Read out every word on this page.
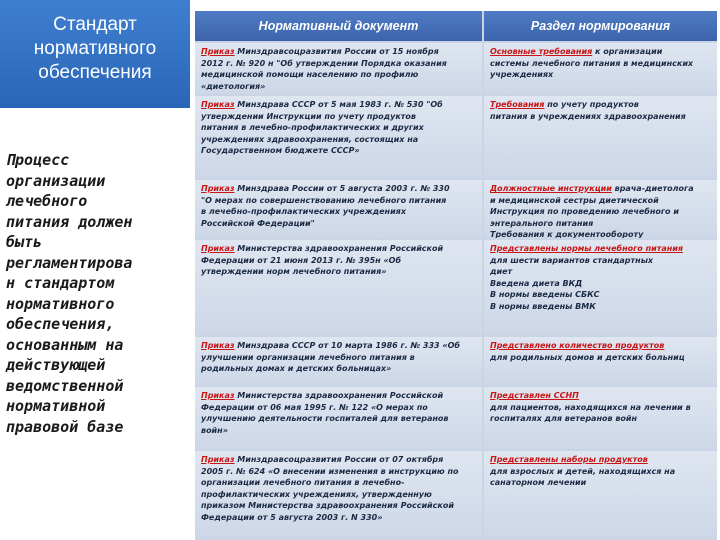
Стандарт
нормативного
обеспечения
Процесс
организации
лечебного
питания должен
быть
регламентирова
н стандартом
нормативного
обеспечения,
основанным на
действующей
ведомственной
нормативной
правовой базе
Нормативный документ	Раздел нормирования
Приказ Минздравсоцразвития России от 15 ноября
2012 г. № 920 н "Об утверждении Порядка оказания
медицинской помощи населению по профилю
«диетология»
Основные требования к организации
системы лечебного питания в медицинских
учреждениях
Приказ Минздрава СССР от 5 мая 1983 г. № 530 "Об
утверждении Инструкции по учету продуктов
питания в лечебно-профилактических и других
учреждениях здравоохранения, состоящих на
Государственном бюджете СССР»
Требования по учету продуктов
питания в учреждениях здравоохранения
Приказ Минздрава России от 5 августа 2003 г. № 330
"О мерах по совершенствованию лечебного питания
в лечебно-профилактических учреждениях
Российской Федерации"
Должностные инструкции врача-диетолога
и медицинской сестры диетической
Инструкция по проведению лечебного и
энтерального питания
Требования к документообороту
Приказ Министерства здравоохранения Российской
Федерации от 21 июня 2013 г. № 395н «Об
утверждении норм лечебного питания»
Представлены нормы лечебного питания
для шести вариантов стандартных
диет
Введена диета ВКД
В нормы введены СБКС
В нормы введены ВМК
Приказ Минздрава СССР от 10 марта 1986 г. № 333 «Об
улучшении организации лечебного питания в
родильных домах и детских больницах»
Представлено количество продуктов
для родильных домов и детских больниц
Приказ Министерства здравоохранения Российской
Федерации от 06 мая 1995 г. № 122 «О мерах по
улучшению деятельности госпиталей для ветеранов
войн»
Представлен СCНП
для пациентов, находящихся на лечении в
госпиталях для ветеранов войн
Приказ Минздравсоцразвития России от 07 октября
2005 г. № 624 «О внесении изменения в инструкцию по
организации лечебного питания в лечебно-
профилактических учреждениях, утвержденную
приказом Министерства здравоохранения Российской
Федерации от 5 августа 2003 г. N 330»
Представлены наборы продуктов
для взрослых и детей, находящихся на
санаторном лечении
